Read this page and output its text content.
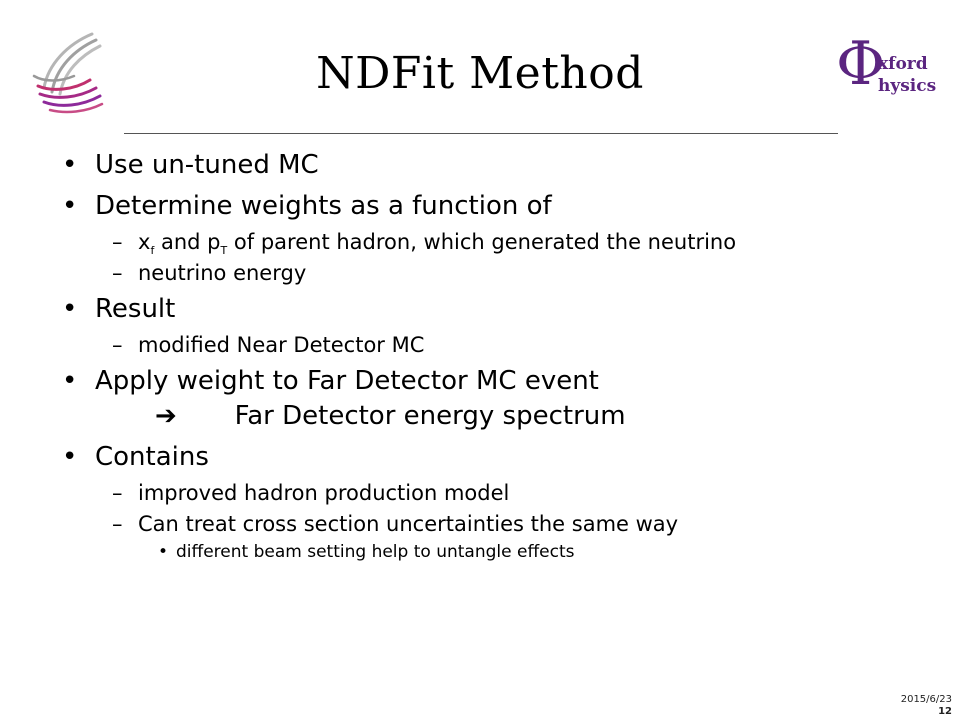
Φ
xford
hysics
NDFit Method
• Use un-tuned MC
• Determine weights as a function of
– $x_f$ and $p_T$ of parent hadron, which generated the neutrino
– neutrino energy
• Result
– modified Near Detector MC
• Apply weight to Far Detector MC event
➔ Far Detector energy spectrum
• Contains
– improved hadron production model
– Can treat cross section uncertainties the same way
• different beam setting help to untangle effects
2015/6/23
12
